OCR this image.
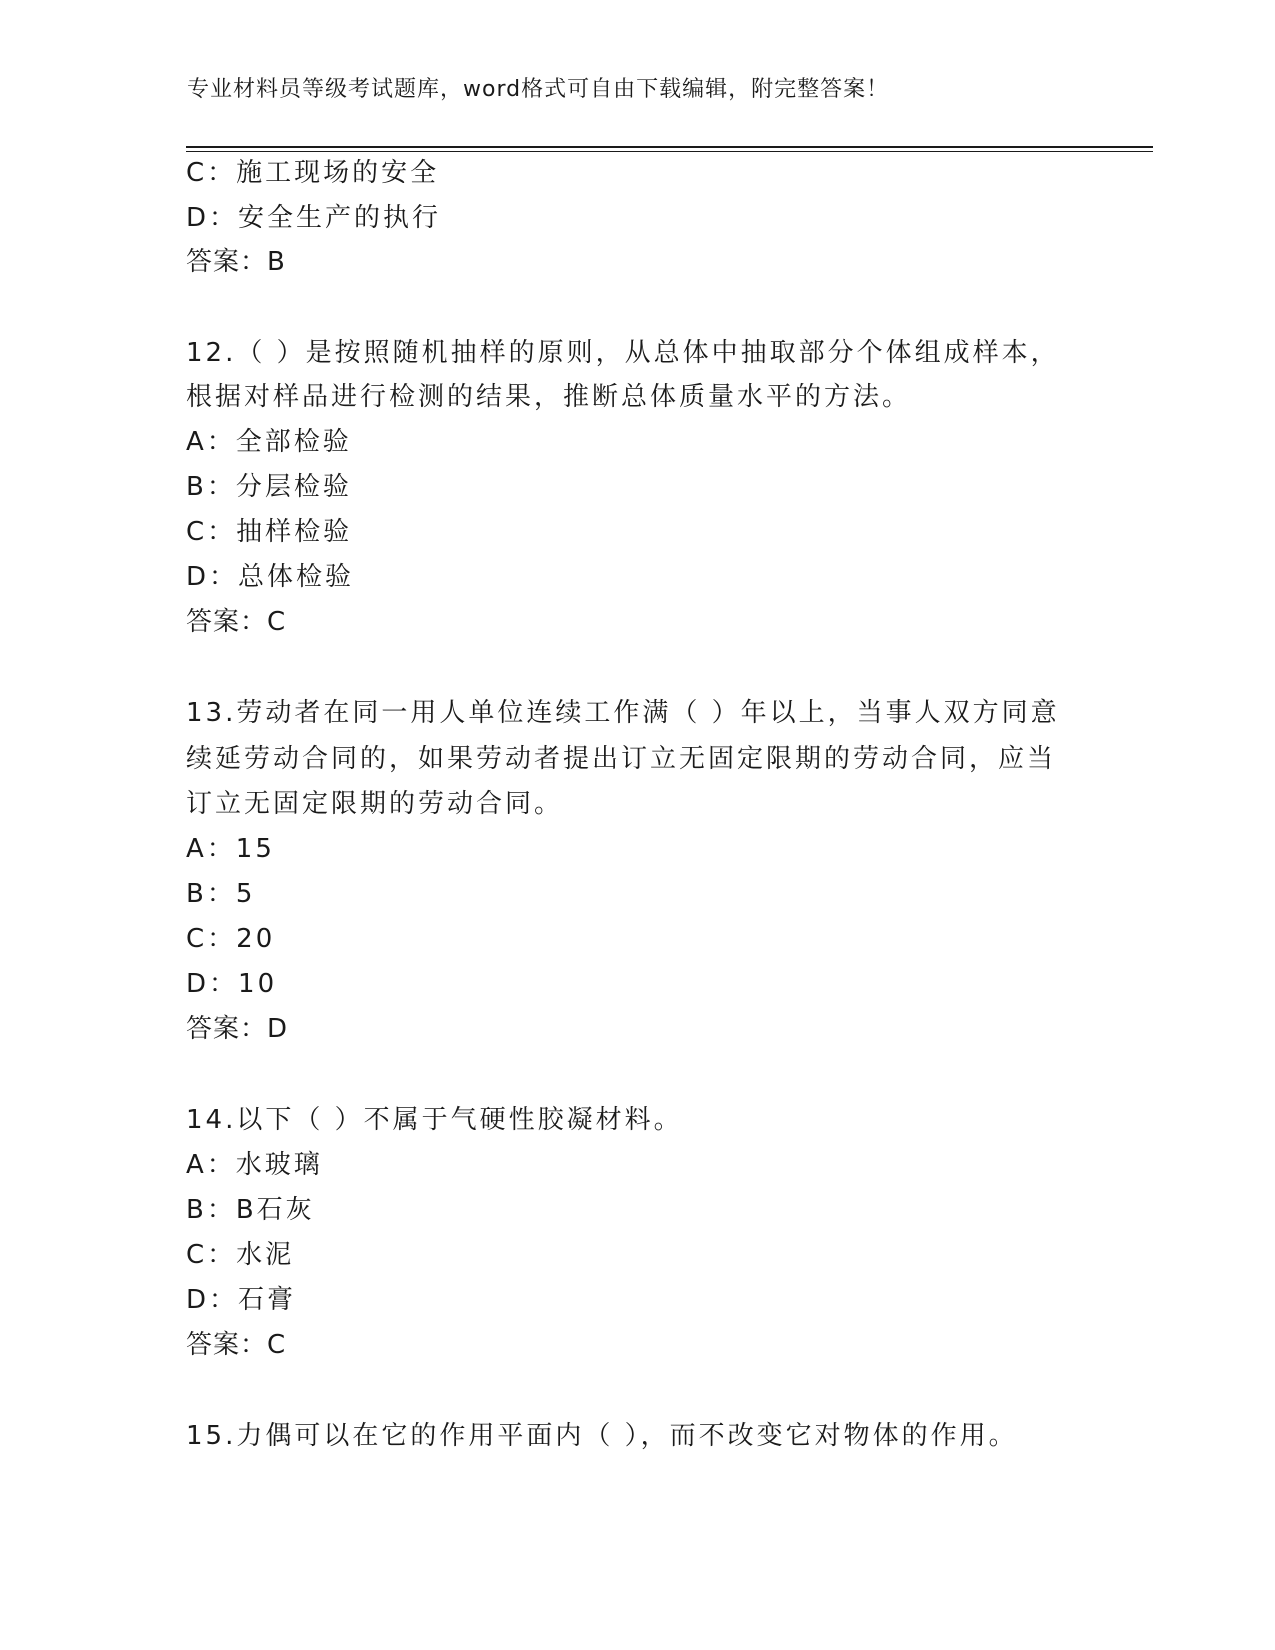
专业材料员等级考试题库，word格式可自由下载编辑，附完整答案！
C：施工现场的安全
D：安全生产的执行
答案：B
12.（ ）是按照随机抽样的原则，从总体中抽取部分个体组成样本，
根据对样品进行检测的结果，推断总体质量水平的方法。
A：全部检验
B：分层检验
C：抽样检验
D：总体检验
答案：C
13.劳动者在同一用人单位连续工作满（ ）年以上，当事人双方同意
续延劳动合同的，如果劳动者提出订立无固定限期的劳动合同，应当
订立无固定限期的劳动合同。
A：15
B：5
C：20
D：10
答案：D
14.以下（ ）不属于气硬性胶凝材料。
A：水玻璃
B：B石灰
C：水泥
D：石膏
答案：C
15.力偶可以在它的作用平面内（ ），而不改变它对物体的作用。
